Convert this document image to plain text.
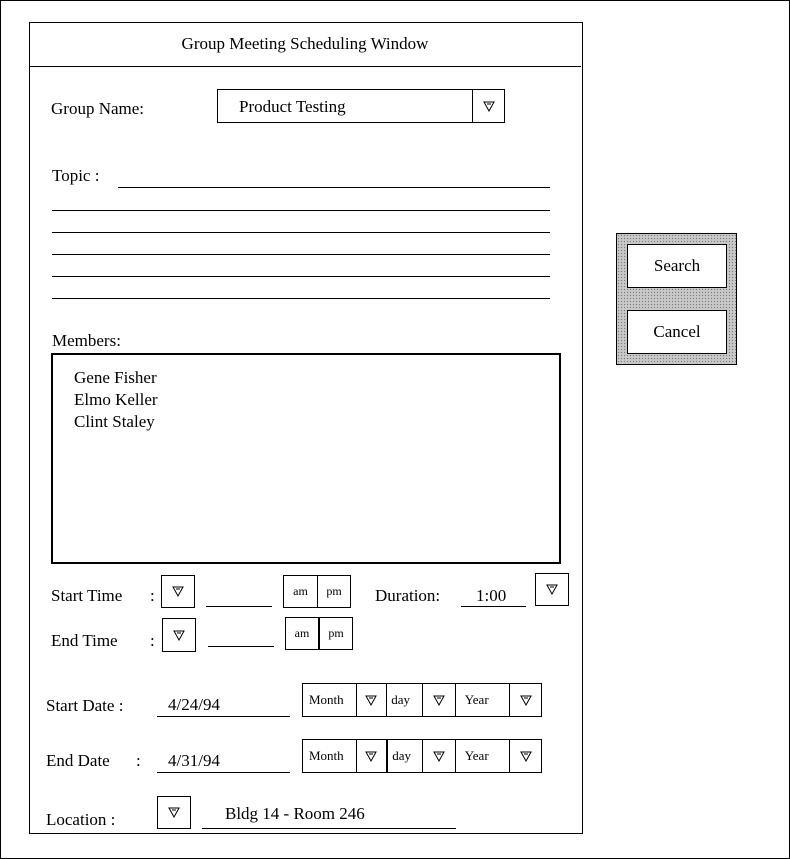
Group Meeting Scheduling Window
Group Name:	Product Testing
Topic :
Members:
Gene Fisher
Elmo Keller
Clint Staley
Start Time :	am	pm	Duration: 1:00
End Time :	am	pm
Start Date :	4/24/94	Month	day	Year
End Date : 4/31/94	Month	day	Year
Location :	Bldg 14 - Room 246
Search
Cancel
